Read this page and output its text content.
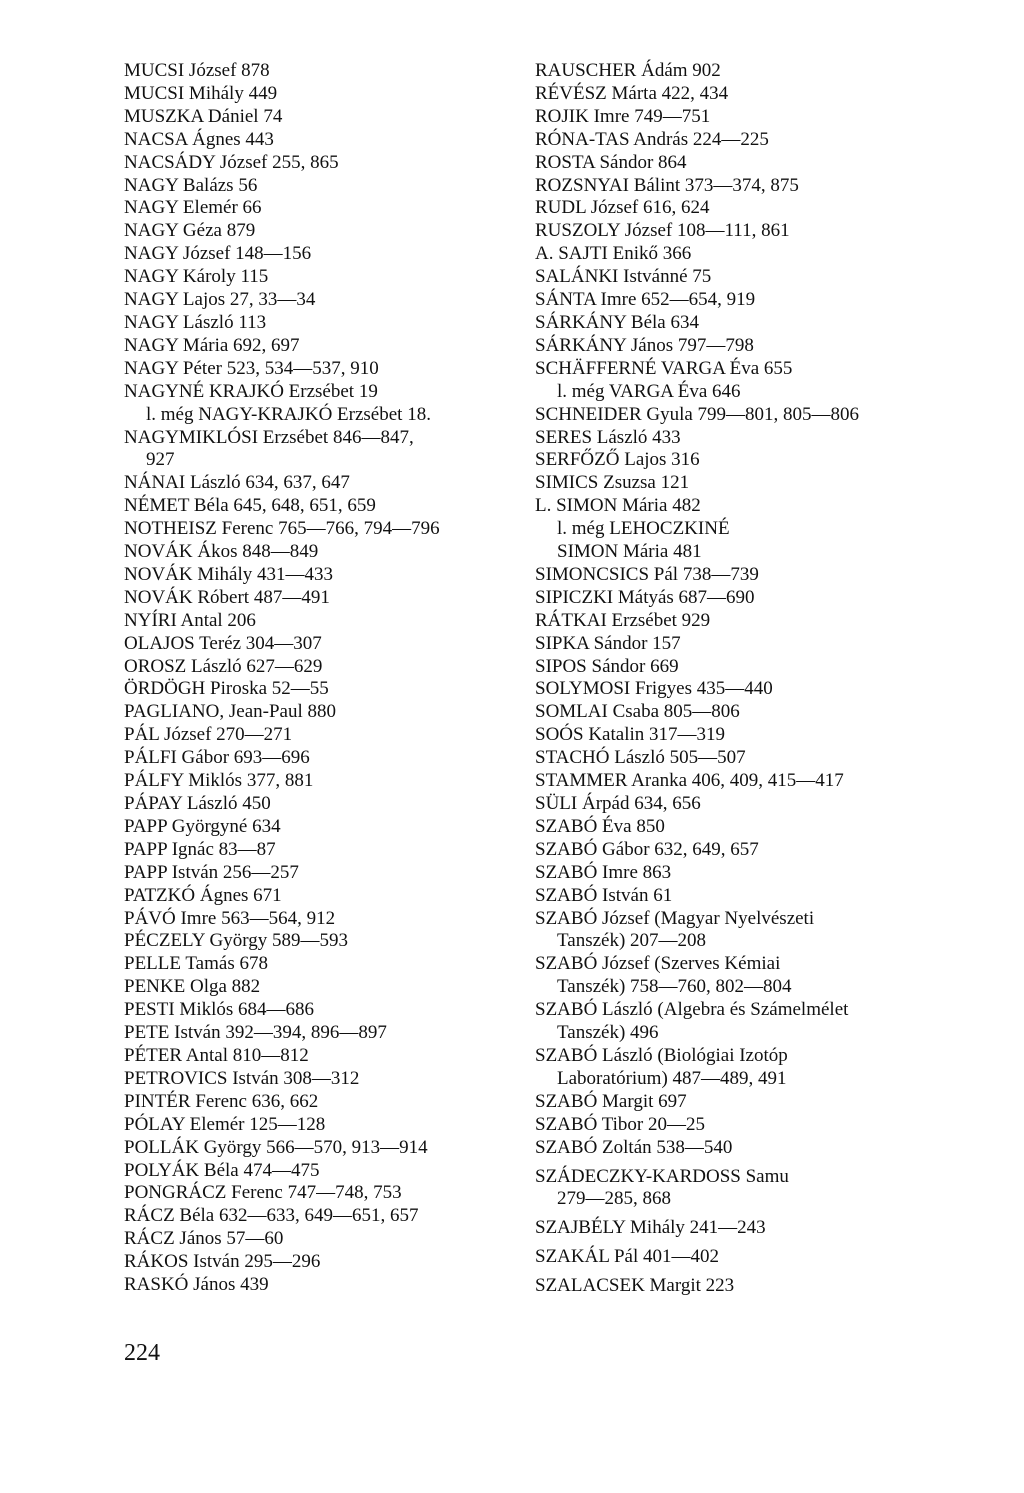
MUCSI József 878
MUCSI Mihály 449
MUSZKA Dániel 74
NACSA Ágnes 443
NACSÁDY József 255, 865
NAGY Balázs 56
NAGY Elemér 66
NAGY Géza 879
NAGY József 148—156
NAGY Károly 115
NAGY Lajos 27, 33—34
NAGY László 113
NAGY Mária 692, 697
NAGY Péter 523, 534—537, 910
NAGYNÉ KRAJKÓ Erzsébet 19
l. még NAGY-KRAJKÓ Erzsébet 18.
NAGYMIKLÓSI Erzsébet 846—847,
927
NÁNAI László 634, 637, 647
NÉMET Béla 645, 648, 651, 659
NOTHEISZ Ferenc 765—766, 794—796
NOVÁK Ákos 848—849
NOVÁK Mihály 431—433
NOVÁK Róbert 487—491
NYÍRI Antal 206
OLAJOS Teréz 304—307
OROSZ László 627—629
ÖRDÖGH Piroska 52—55
PAGLIANO, Jean-Paul 880
PÁL József 270—271
PÁLFI Gábor 693—696
PÁLFY Miklós 377, 881
PÁPAY László 450
PAPP Györgyné 634
PAPP Ignác 83—87
PAPP István 256—257
PATZKÓ Ágnes 671
PÁVÓ Imre 563—564, 912
PÉCZELY György 589—593
PELLE Tamás 678
PENKE Olga 882
PESTI Miklós 684—686
PETE István 392—394, 896—897
PÉTER Antal 810—812
PETROVICS István 308—312
PINTÉR Ferenc 636, 662
PÓLAY Elemér 125—128
POLLÁK György 566—570, 913—914
POLYÁK Béla 474—475
PONGRÁCZ Ferenc 747—748, 753
RÁCZ Béla 632—633, 649—651, 657
RÁCZ János 57—60
RÁKOS István 295—296
RASKÓ János 439
RAUSCHER Ádám 902
RÉVÉSZ Márta 422, 434
ROJIK Imre 749—751
RÓNA-TAS András 224—225
ROSTA Sándor 864
ROZSNYAI Bálint 373—374, 875
RUDL József 616, 624
RUSZOLY József 108—111, 861
A. SAJTI Enikő 366
SALÁNKI Istvánné 75
SÁNTA Imre 652—654, 919
SÁRKÁNY Béla 634
SÁRKÁNY János 797—798
SCHÄFFERNÉ VARGA Éva 655
l. még VARGA Éva 646
SCHNEIDER Gyula 799—801, 805—806
SERES László 433
SERFŐZŐ Lajos 316
SIMICS Zsuzsa 121
L. SIMON Mária 482
l. még LEHOCZKINÉ
SIMON Mária 481
SIMONCSICS Pál 738—739
SIPICZKI Mátyás 687—690
RÁTKAI Erzsébet 929
SIPKA Sándor 157
SIPOS Sándor 669
SOLYMOSI Frigyes 435—440
SOMLAI Csaba 805—806
SOÓS Katalin 317—319
STACHÓ László 505—507
STAMMER Aranka 406, 409, 415—417
SÜLI Árpád 634, 656
SZABÓ Éva 850
SZABÓ Gábor 632, 649, 657
SZABÓ Imre 863
SZABÓ István 61
SZABÓ József (Magyar Nyelvészeti
Tanszék) 207—208
SZABÓ József (Szerves Kémiai
Tanszék) 758—760, 802—804
SZABÓ László (Algebra és Számelmélet
Tanszék) 496
SZABÓ László (Biológiai Izotóp
Laboratórium) 487—489, 491
SZABÓ Margit 697
SZABÓ Tibor 20—25
SZABÓ Zoltán 538—540
SZÁDECZKY-KARDOSS Samu
279—285, 868
SZAJBÉLY Mihály 241—243
SZAKÁL Pál 401—402
SZALACSEK Margit 223
224
